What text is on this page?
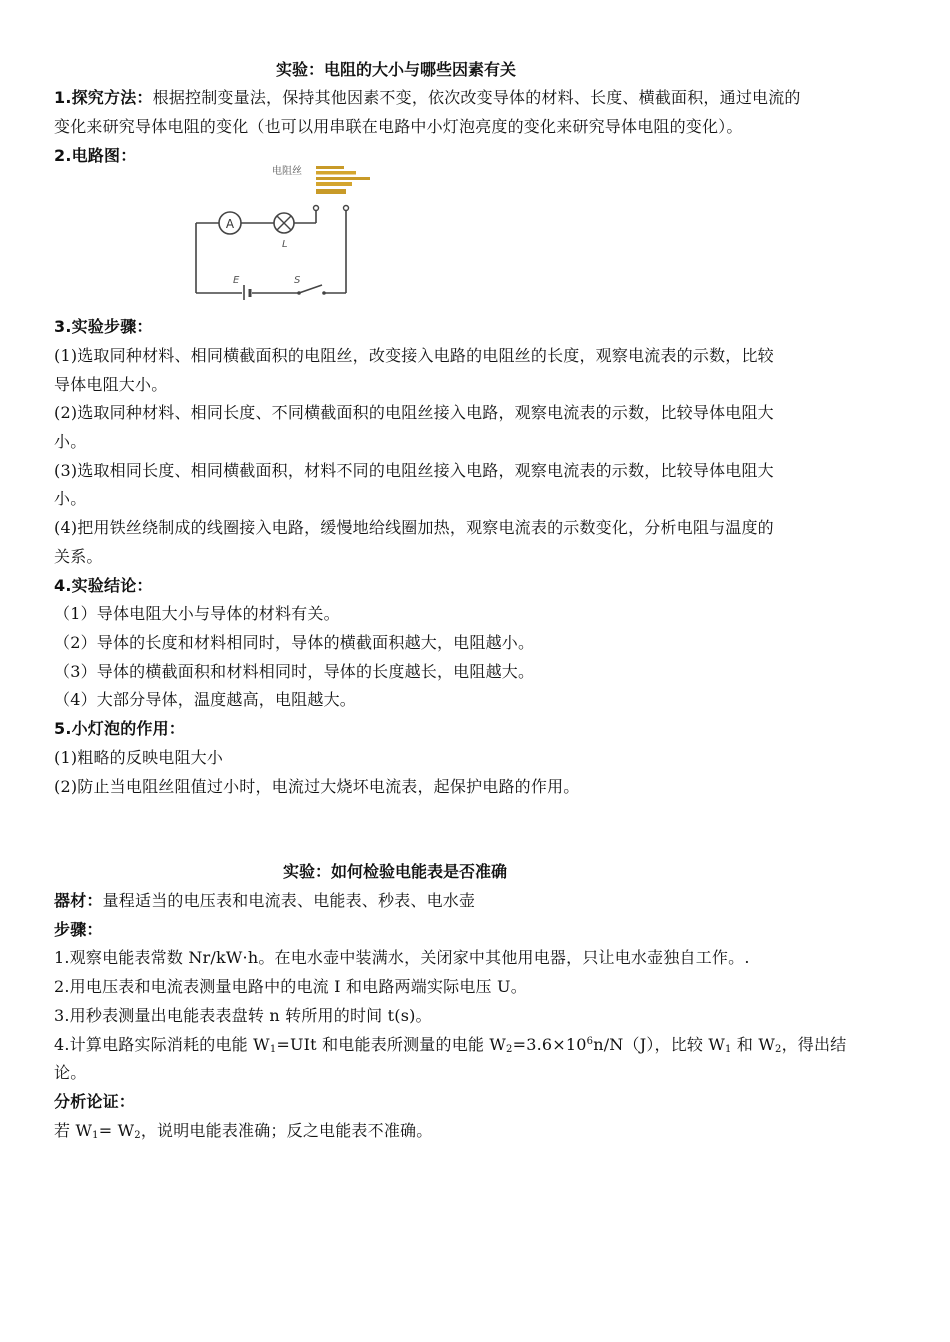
实验：电阻的大小与哪些因素有关
1.探究方法：根据控制变量法，保持其他因素不变，依次改变导体的材料、长度、横截面积，通过电流的
变化来研究导体电阻的变化（也可以用串联在电路中小灯泡亮度的变化来研究导体电阻的变化）。
2.电路图：
电阻丝
A
L
E	S
3.实验步骤：
(1)选取同种材料、相同横截面积的电阻丝，改变接入电路的电阻丝的长度，观察电流表的示数，比较
导体电阻大小。
(2)选取同种材料、相同长度、不同横截面积的电阻丝接入电路，观察电流表的示数，比较导体电阻大
小。
(3)选取相同长度、相同横截面积，材料不同的电阻丝接入电路，观察电流表的示数，比较导体电阻大
小。
(4)把用铁丝绕制成的线圈接入电路，缓慢地给线圈加热，观察电流表的示数变化，分析电阻与温度的
关系。
4.实验结论：
（1）导体电阻大小与导体的材料有关。
（2）导体的长度和材料相同时，导体的横截面积越大，电阻越小。
（3）导体的横截面积和材料相同时，导体的长度越长，电阻越大。
（4）大部分导体，温度越高，电阻越大。
5.小灯泡的作用：
(1)粗略的反映电阻大小
(2)防止当电阻丝阻值过小时，电流过大烧坏电流表，起保护电路的作用。
实验：如何检验电能表是否准确
器材：量程适当的电压表和电流表、电能表、秒表、电水壶
步骤：
1.观察电能表常数 Nr/kW·h。在电水壶中装满水，关闭家中其他用电器，只让电水壶独自工作。.
2.用电压表和电流表测量电路中的电流 I 和电路两端实际电压 U。
3.用秒表测量出电能表表盘转 n 转所用的时间 t(s)。
4.计算电路实际消耗的电能 $W_1=UIt$ 和电能表所测量的电能 $W_2=3.6\times 10^6n/N(J)$，比较 $W_1$ 和 $W_2$，得出结
论。
分析论证：
若 $W_1= W_2$，说明电能表准确；反之电能表不准确。
